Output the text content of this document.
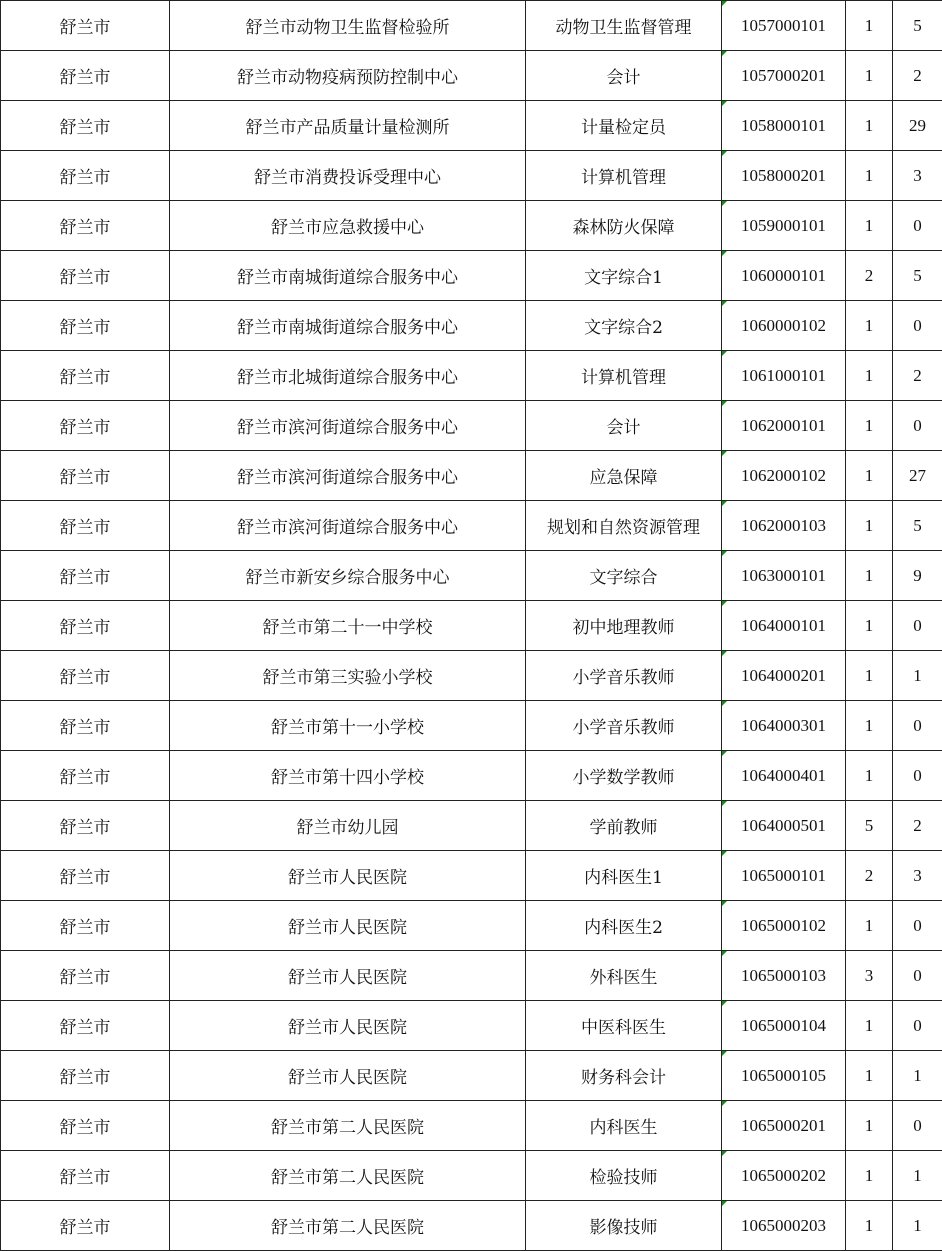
舒兰市	舒兰市动物卫生监督检验所	动物卫生监督管理	1057000101	1	5
舒兰市	舒兰市动物疫病预防控制中心	会计	1057000201	1	2
舒兰市	舒兰市产品质量计量检测所	计量检定员	1058000101	1	29
舒兰市	舒兰市消费投诉受理中心	计算机管理	1058000201	1	3
舒兰市	舒兰市应急救援中心	森林防火保障	1059000101	1	0
舒兰市	舒兰市南城街道综合服务中心	文字综合1	1060000101	2	5
舒兰市	舒兰市南城街道综合服务中心	文字综合2	1060000102	1	0
舒兰市	舒兰市北城街道综合服务中心	计算机管理	1061000101	1	2
舒兰市	舒兰市滨河街道综合服务中心	会计	1062000101	1	0
舒兰市	舒兰市滨河街道综合服务中心	应急保障	1062000102	1	27
舒兰市	舒兰市滨河街道综合服务中心	规划和自然资源管理	1062000103	1	5
舒兰市	舒兰市新安乡综合服务中心	文字综合	1063000101	1	9
舒兰市	舒兰市第二十一中学校	初中地理教师	1064000101	1	0
舒兰市	舒兰市第三实验小学校	小学音乐教师	1064000201	1	1
舒兰市	舒兰市第十一小学校	小学音乐教师	1064000301	1	0
舒兰市	舒兰市第十四小学校	小学数学教师	1064000401	1	0
舒兰市	舒兰市幼儿园	学前教师	1064000501	5	2
舒兰市	舒兰市人民医院	内科医生1	1065000101	2	3
舒兰市	舒兰市人民医院	内科医生2	1065000102	1	0
舒兰市	舒兰市人民医院	外科医生	1065000103	3	0
舒兰市	舒兰市人民医院	中医科医生	1065000104	1	0
舒兰市	舒兰市人民医院	财务科会计	1065000105	1	1
舒兰市	舒兰市第二人民医院	内科医生	1065000201	1	0
舒兰市	舒兰市第二人民医院	检验技师	1065000202	1	1
舒兰市	舒兰市第二人民医院	影像技师	1065000203	1	1
